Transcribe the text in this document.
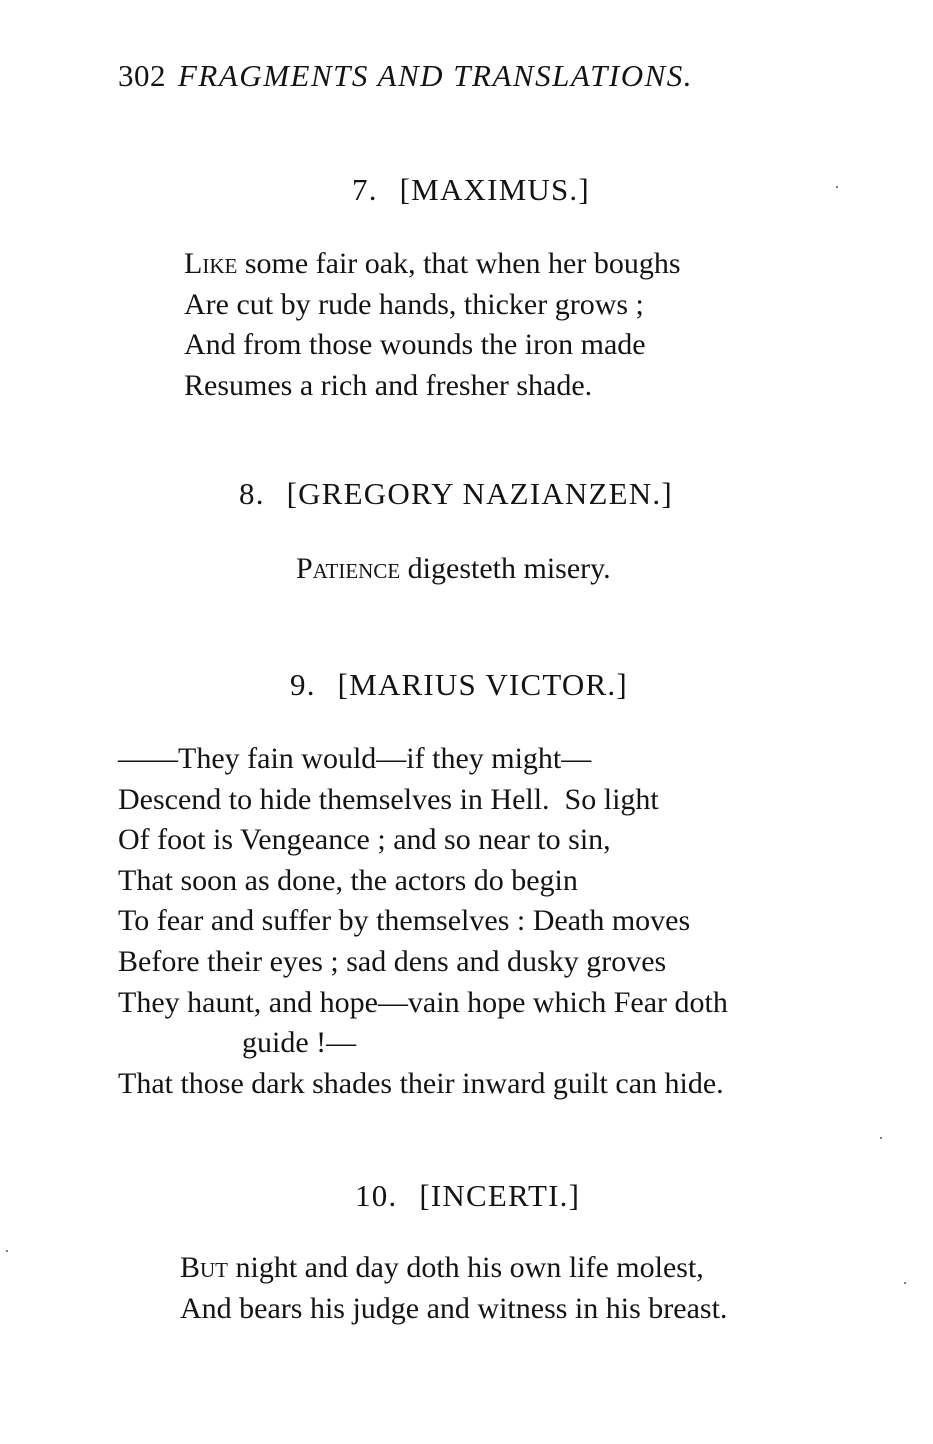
302 FRAGMENTS AND TRANSLATIONS.
7. [MAXIMUS.]
Like some fair oak, that when her boughs
Are cut by rude hands, thicker grows ;
And from those wounds the iron made
Resumes a rich and fresher shade.
8. [GREGORY NAZIANZEN.]
Patience digesteth misery.
9. [MARIUS VICTOR.]
——They fain would—if they might—
Descend to hide themselves in Hell.  So light
Of foot is Vengeance ; and so near to sin,
That soon as done, the actors do begin
To fear and suffer by themselves : Death moves
Before their eyes ; sad dens and dusky groves
They haunt, and hope—vain hope which Fear doth
guide !—
That those dark shades their inward guilt can hide.
10. [INCERTI.]
But night and day doth his own life molest,
And bears his judge and witness in his breast.
